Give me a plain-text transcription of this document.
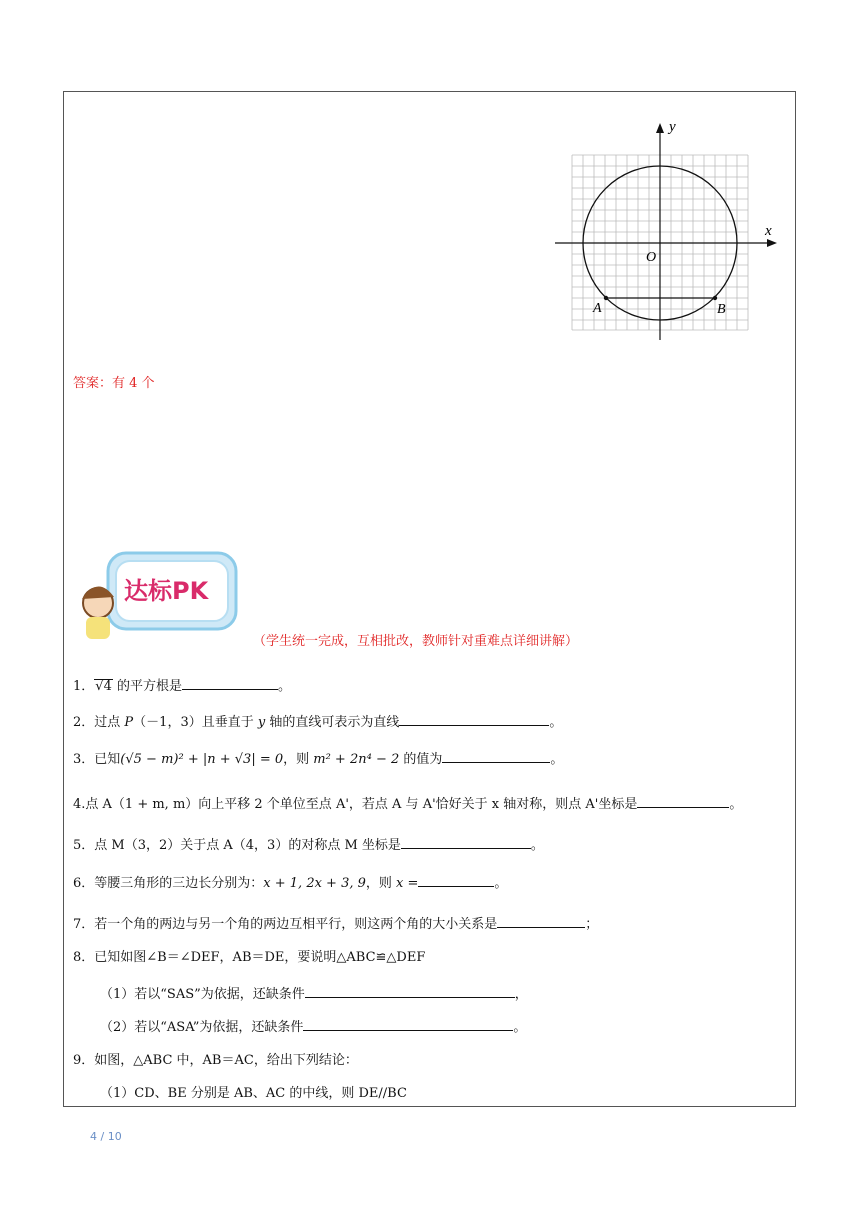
y
x
O
A	B
答案：有 4 个
达标PK
（学生统一完成，互相批改，教师针对重难点详细讲解）
1．√4 的平方根是	。
2．过点 P（－1，3）且垂直于 y 轴的直线可表示为直线	。
3．已知(√5 − m)² + |n + √3| = 0，则 m² + 2n⁴ − 2 的值为	。
4.点 A（1 + m, m）向上平移 2 个单位至点 A'，若点 A 与 A'恰好关于 x 轴对称，则点 A'坐标是	。
5．点 M（3，2）关于点 A（4，3）的对称点 M 坐标是	。
6．等腰三角形的三边长分别为：x + 1, 2x + 3, 9，则 x =	。
7．若一个角的两边与另一个角的两边互相平行，则这两个角的大小关系是	；
8．已知如图∠B＝∠DEF，AB＝DE，要说明△ABC≌△DEF
（1）若以“SAS”为依据，还缺条件	，
（2）若以“ASA”为依据，还缺条件	。
9．如图，△ABC 中，AB＝AC，给出下列结论：
（1）CD、BE 分别是 AB、AC 的中线，则 DE//BC
4 / 10
